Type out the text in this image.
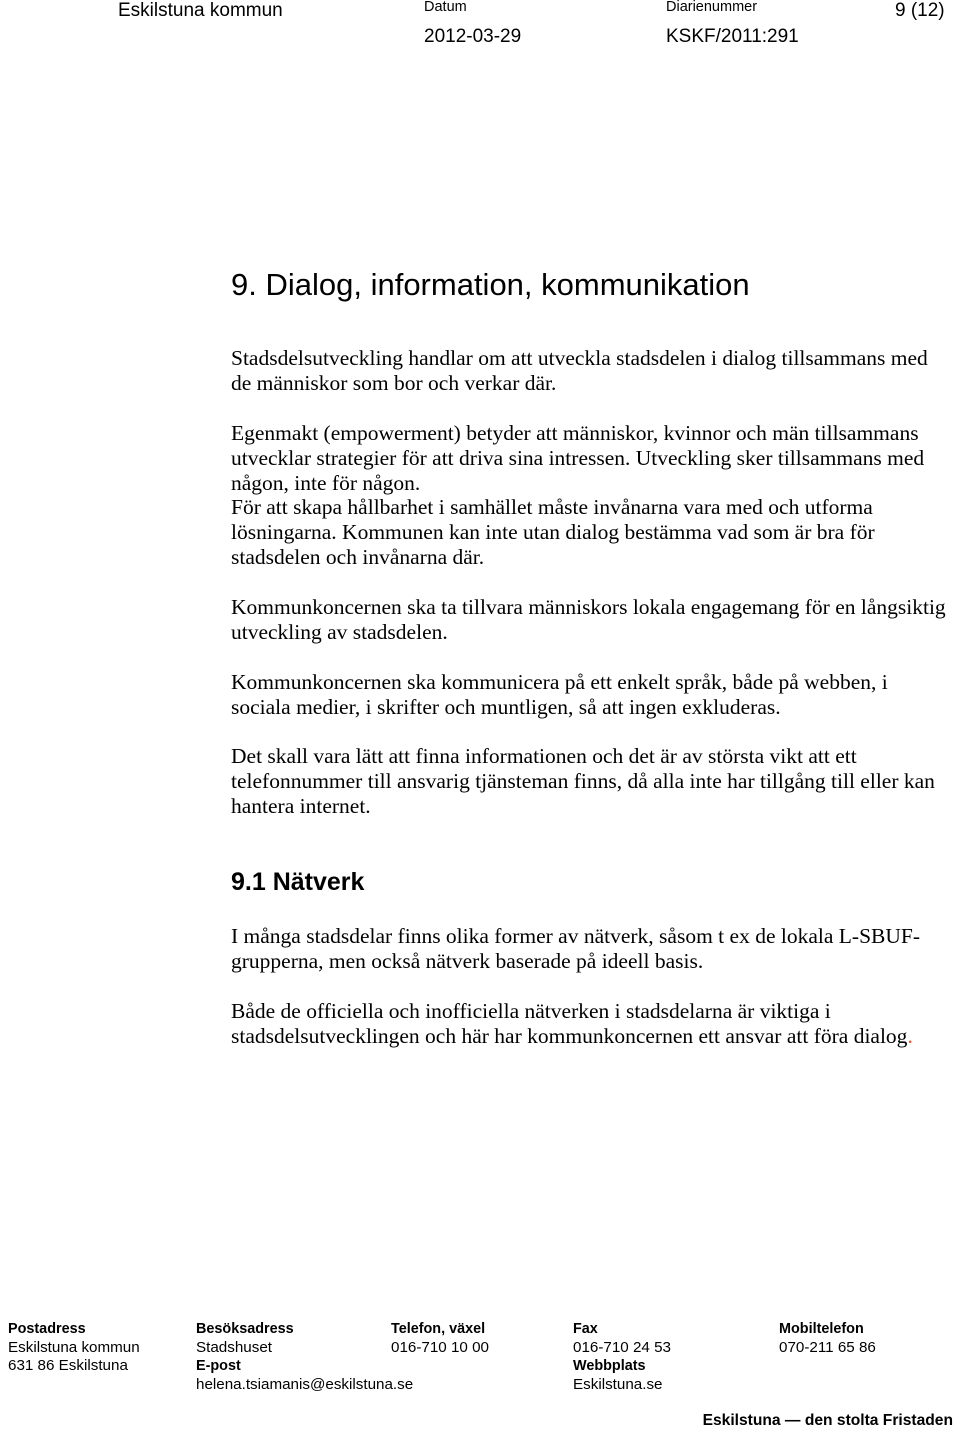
Eskilstuna kommun	Datum
2012-03-29
Diarienummer
KSKF/2011:291
9 (12)
9. Dialog, information, kommunikation

Stadsdelsutveckling handlar om att utveckla stadsdelen i dialog tillsammans med
de människor som bor och verkar där.

Egenmakt (empowerment) betyder att människor, kvinnor och män tillsammans
utvecklar strategier för att driva sina intressen. Utveckling sker tillsammans med
någon, inte för någon.
För att skapa hållbarhet i samhället måste invånarna vara med och utforma
lösningarna. Kommunen kan inte utan dialog bestämma vad som är bra för
stadsdelen och invånarna där.

Kommunkoncernen ska ta tillvara människors lokala engagemang för en långsiktig
utveckling av stadsdelen.

Kommunkoncernen ska kommunicera på ett enkelt språk, både på webben, i
sociala medier, i skrifter och muntligen, så att ingen exkluderas.

Det skall vara lätt att finna informationen och det är av största vikt att ett
telefonnummer till ansvarig tjänsteman finns, då alla inte har tillgång till eller kan
hantera internet.

9.1 Nätverk

I många stadsdelar finns olika former av nätverk, såsom t ex de lokala L-SBUF-
grupperna, men också nätverk baserade på ideell basis.

Både de officiella och inofficiella nätverken i stadsdelarna är viktiga i
stadsdelsutvecklingen och här har kommunkoncernen ett ansvar att föra dialog.

Postadress
Eskilstuna kommun
631 86 Eskilstuna
Besöksadress
Stadshuset
E-post
helena.tsiamanis@eskilstuna.se
Telefon, växel
016-710 10 00
Fax
016-710 24 53
Webbplats
Eskilstuna.se
Mobiltelefon
070-211 65 86
Eskilstuna — den stolta Fristaden
